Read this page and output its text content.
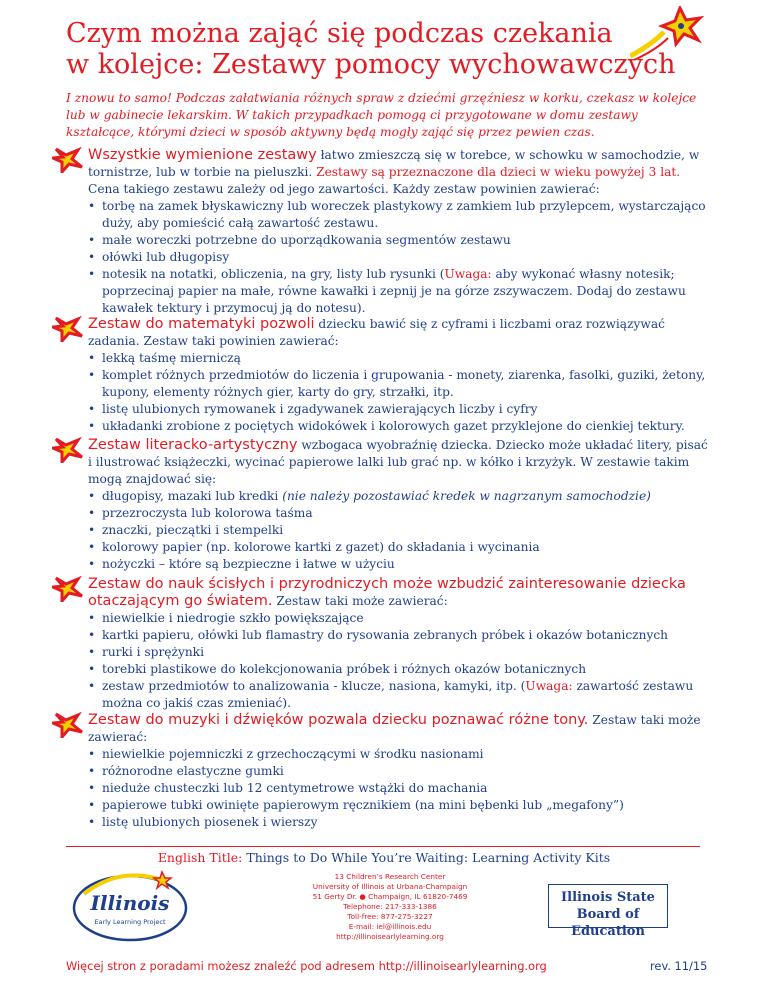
Czym można zająć się podczas czekania
w kolejce: Zestawy pomocy wychowawczych
I znowu to samo! Podczas załatwiania różnych spraw z dziećmi grzęźniesz w korku, czekasz w kolejce lub w gabinecie lekarskim. W takich przypadkach pomogą ci przygotowane w domu zestawy kształcące, którymi dzieci w sposób aktywny będą mogły zająć się przez pewien czas.
Wszystkie wymienione zestawy łatwo zmieszczą się w torebce, w schowku w samochodzie, w tornistrze, lub w torbie na pieluszki. Zestawy są przeznaczone dla dzieci w wieku powyżej 3 lat. Cena takiego zestawu zależy od jego zawartości. Każdy zestaw powinien zawierać:
• torbę na zamek błyskawiczny lub woreczek plastykowy z zamkiem lub przylepcem, wystarczająco duży, aby pomieścić całą zawartość zestawu.
• małe woreczki potrzebne do uporządkowania segmentów zestawu
• ołówki lub długopisy
• notesik na notatki, obliczenia, na gry, listy lub rysunki (Uwaga: aby wykonać własny notesik; poprzecinaj papier na małe, równe kawałki i zepnij je na górze zszywaczem. Dodaj do zestawu kawałek tektury i przymocuj ją do notesu).
Zestaw do matematyki pozwoli dziecku bawić się z cyframi i liczbami oraz rozwiązywać zadania. Zestaw taki powinien zawierać:
• lekką taśmę mierniczą
• komplet różnych przedmiotów do liczenia i grupowania - monety, ziarenka, fasolki, guziki, żetony, kupony, elementy różnych gier, karty do gry, strzałki, itp.
• listę ulubionych rymowanek i zgadywanek zawierających liczby i cyfry
• układanki zrobione z pociętych widokówek i kolorowych gazet przyklejone do cienkiej tektury.
Zestaw literacko-artystyczny wzbogaca wyobraźnię dziecka. Dziecko może układać litery, pisać i ilustrować książeczki, wycinać papierowe lalki lub grać np. w kółko i krzyżyk. W zestawie takim mogą znajdować się:
• długopisy, mazaki lub kredki (nie należy pozostawiać kredek w nagrzanym samochodzie)
• przezroczysta lub kolorowa taśma
• znaczki, pieczątki i stempelki
• kolorowy papier (np. kolorowe kartki z gazet) do składania i wycinania
• nożyczki – które są bezpieczne i łatwe w użyciu
Zestaw do nauk ścisłych i przyrodniczych może wzbudzić zainteresowanie dziecka otaczającym go światem. Zestaw taki może zawierać:
• niewielkie i niedrogie szkło powiększające
• kartki papieru, ołówki lub flamastry do rysowania zebranych próbek i okazów botanicznych
• rurki i sprężynki
• torebki plastikowe do kolekcjonowania próbek i różnych okazów botanicznych
• zestaw przedmiotów to analizowania - klucze, nasiona, kamyki, itp. (Uwaga: zawartość zestawu można co jakiś czas zmieniać).
Zestaw do muzyki i dźwięków pozwala dziecku poznawać różne tony. Zestaw taki może zawierać:
• niewielkie pojemniczki z grzechoczącymi w środku nasionami
• różnorodne elastyczne gumki
• nieduże chusteczki lub 12 centymetrowe wstążki do machania
• papierowe tubki owinięte papierowym ręcznikiem (na mini bębenki lub „megafony”)
• listę ulubionych piosenek i wierszy
English Title: Things to Do While You’re Waiting: Learning Activity Kits
Illinois
Early Learning Project
13 Children’s Research Center
University of Illinois at Urbana-Champaign
51 Gerty Dr. ● Champaign, IL 61820-7469
Telephone: 217-333-1386
Toll-free: 877-275-3227
E-mail: iel@illinois.edu
http://illinoisearlylearning.org
Illinois State
Board of Education
Więcej stron z poradami możesz znaleźć pod adresem http://illinoisearlylearning.org	rev. 11/15
